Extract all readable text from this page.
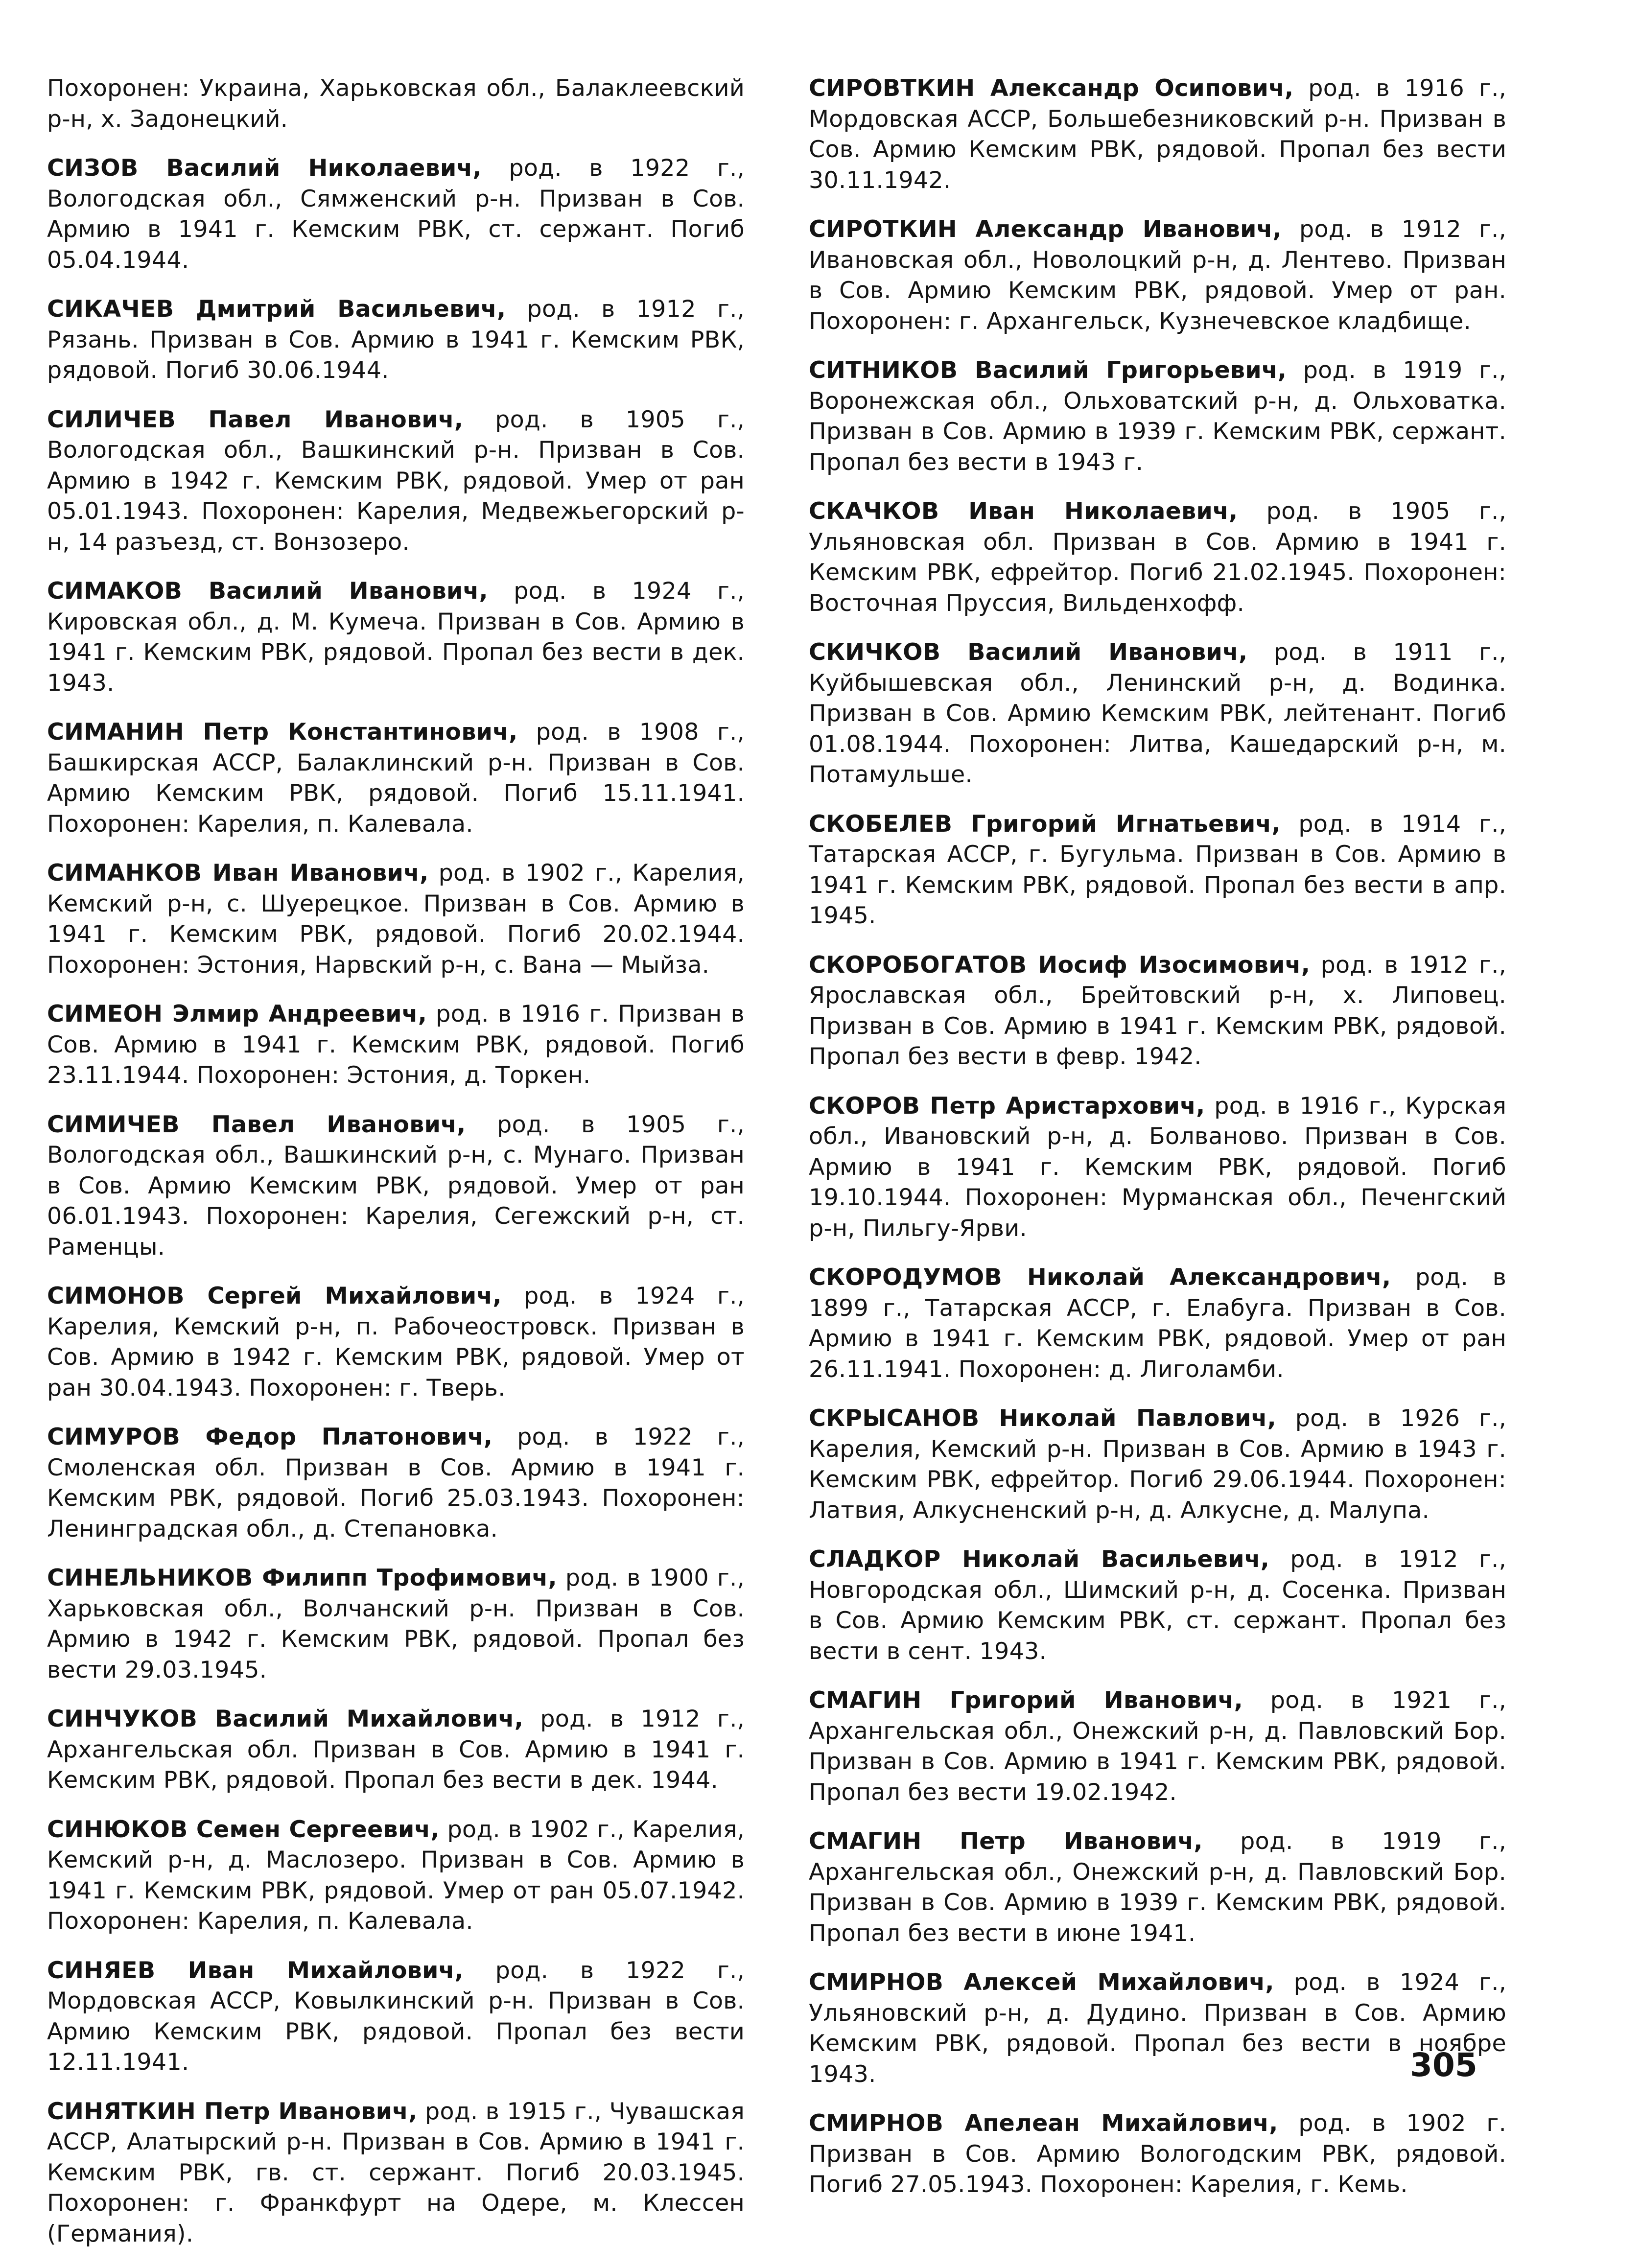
Похоронен: Украина, Харьковская обл., Балаклеевский р-н, х. Задонецкий.

СИЗОВ Василий Николаевич, род. в 1922 г., Вологодская обл., Сямженский р-н. Призван в Сов. Армию в 1941 г. Кемским РВК, ст. сержант. Погиб 05.04.1944.

СИКАЧЕВ Дмитрий Васильевич, род. в 1912 г., Рязань. Призван в Сов. Армию в 1941 г. Кемским РВК, рядовой. Погиб 30.06.1944.

СИЛИЧЕВ Павел Иванович, род. в 1905 г., Вологодская обл., Вашкинский р-н. Призван в Сов. Армию в 1942 г. Кемским РВК, рядовой. Умер от ран 05.01.1943. Похоронен: Карелия, Медвежьегорский р-н, 14 разъезд, ст. Вонзозеро.

СИМАКОВ Василий Иванович, род. в 1924 г., Кировская обл., д. М. Кумеча. Призван в Сов. Армию в 1941 г. Кемским РВК, рядовой. Пропал без вести в дек. 1943.

СИМАНИН Петр Константинович, род. в 1908 г., Башкирская АССР, Балаклинский р-н. Призван в Сов. Армию Кемским РВК, рядовой. Погиб 15.11.1941. Похоронен: Карелия, п. Калевала.

СИМАНКОВ Иван Иванович, род. в 1902 г., Карелия, Кемский р-н, с. Шуерецкое. Призван в Сов. Армию в 1941 г. Кемским РВК, рядовой. Погиб 20.02.1944. Похоронен: Эстония, Нарвский р-н, с. Вана — Мыйза.

СИМЕОН Элмир Андреевич, род. в 1916 г. Призван в Сов. Армию в 1941 г. Кемским РВК, рядовой. Погиб 23.11.1944. Похоронен: Эстония, д. Торкен.

СИМИЧЕВ Павел Иванович, род. в 1905 г., Вологодская обл., Вашкинский р-н, с. Мунаго. Призван в Сов. Армию Кемским РВК, рядовой. Умер от ран 06.01.1943. Похоронен: Карелия, Сегежский р-н, ст. Раменцы.

СИМОНОВ Сергей Михайлович, род. в 1924 г., Карелия, Кемский р-н, п. Рабочеостровск. Призван в Сов. Армию в 1942 г. Кемским РВК, рядовой. Умер от ран 30.04.1943. Похоронен: г. Тверь.

СИМУРОВ Федор Платонович, род. в 1922 г., Смоленская обл. Призван в Сов. Армию в 1941 г. Кемским РВК, рядовой. Погиб 25.03.1943. Похоронен: Ленинградская обл., д. Степановка.

СИНЕЛЬНИКОВ Филипп Трофимович, род. в 1900 г., Харьковская обл., Волчанский р-н. Призван в Сов. Армию в 1942 г. Кемским РВК, рядовой. Пропал без вести 29.03.1945.

СИНЧУКОВ Василий Михайлович, род. в 1912 г., Архангельская обл. Призван в Сов. Армию в 1941 г. Кемским РВК, рядовой. Пропал без вести в дек. 1944.

СИНЮКОВ Семен Сергеевич, род. в 1902 г., Карелия, Кемский р-н, д. Маслозеро. Призван в Сов. Армию в 1941 г. Кемским РВК, рядовой. Умер от ран 05.07.1942. Похоронен: Карелия, п. Калевала.

СИНЯЕВ Иван Михайлович, род. в 1922 г., Мордовская АССР, Ковылкинский р-н. Призван в Сов. Армию Кемским РВК, рядовой. Пропал без вести 12.11.1941.

СИНЯТКИН Петр Иванович, род. в 1915 г., Чувашская АССР, Алатырский р-н. Призван в Сов. Армию в 1941 г. Кемским РВК, гв. ст. сержант. Погиб 20.03.1945. Похоронен: г. Франкфурт на Одере, м. Клессен (Германия).

СИРОВТКИН Александр Осипович, род. в 1916 г., Мордовская АССР, Большебезниковский р-н. Призван в Сов. Армию Кемским РВК, рядовой. Пропал без вести 30.11.1942.

СИРОТКИН Александр Иванович, род. в 1912 г., Ивановская обл., Новолоцкий р-н, д. Лентево. Призван в Сов. Армию Кемским РВК, рядовой. Умер от ран. Похоронен: г. Архангельск, Кузнечевское кладбище.

СИТНИКОВ Василий Григорьевич, род. в 1919 г., Воронежская обл., Ольховатский р-н, д. Ольховатка. Призван в Сов. Армию в 1939 г. Кемским РВК, сержант. Пропал без вести в 1943 г.

СКАЧКОВ Иван Николаевич, род. в 1905 г., Ульяновская обл. Призван в Сов. Армию в 1941 г. Кемским РВК, ефрейтор. Погиб 21.02.1945. Похоронен: Восточная Пруссия, Вильденхофф.

СКИЧКОВ Василий Иванович, род. в 1911 г., Куйбышевская обл., Ленинский р-н, д. Водинка. Призван в Сов. Армию Кемским РВК, лейтенант. Погиб 01.08.1944. Похоронен: Литва, Кашедарский р-н, м. Потамульше.

СКОБЕЛЕВ Григорий Игнатьевич, род. в 1914 г., Татарская АССР, г. Бугульма. Призван в Сов. Армию в 1941 г. Кемским РВК, рядовой. Пропал без вести в апр. 1945.

СКОРОБОГАТОВ Иосиф Изосимович, род. в 1912 г., Ярославская обл., Брейтовский р-н, х. Липовец. Призван в Сов. Армию в 1941 г. Кемским РВК, рядовой. Пропал без вести в февр. 1942.

СКОРОВ Петр Аристархович, род. в 1916 г., Курская обл., Ивановский р-н, д. Болваново. Призван в Сов. Армию в 1941 г. Кемским РВК, рядовой. Погиб 19.10.1944. Похоронен: Мурманская обл., Печенгский р-н, Пильгу-Ярви.

СКОРОДУМОВ Николай Александрович, род. в 1899 г., Татарская АССР, г. Елабуга. Призван в Сов. Армию в 1941 г. Кемским РВК, рядовой. Умер от ран 26.11.1941. Похоронен: д. Лиголамби.

СКРЫСАНОВ Николай Павлович, род. в 1926 г., Карелия, Кемский р-н. Призван в Сов. Армию в 1943 г. Кемским РВК, ефрейтор. Погиб 29.06.1944. Похоронен: Латвия, Алкусненский р-н, д. Алкусне, д. Малупа.

СЛАДКОР Николай Васильевич, род. в 1912 г., Новгородская обл., Шимский р-н, д. Сосенка. Призван в Сов. Армию Кемским РВК, ст. сержант. Пропал без вести в сент. 1943.

СМАГИН Григорий Иванович, род. в 1921 г., Архангельская обл., Онежский р-н, д. Павловский Бор. Призван в Сов. Армию в 1941 г. Кемским РВК, рядовой. Пропал без вести 19.02.1942.

СМАГИН Петр Иванович, род. в 1919 г., Архангельская обл., Онежский р-н, д. Павловский Бор. Призван в Сов. Армию в 1939 г. Кемским РВК, рядовой. Пропал без вести в июне 1941.

СМИРНОВ Алексей Михайлович, род. в 1924 г., Ульяновский р-н, д. Дудино. Призван в Сов. Армию Кемским РВК, рядовой. Пропал без вести в ноябре 1943.

СМИРНОВ Апелеан Михайлович, род. в 1902 г. Призван в Сов. Армию Вологодским РВК, рядовой. Погиб 27.05.1943. Похоронен: Карелия, г. Кемь.

305
